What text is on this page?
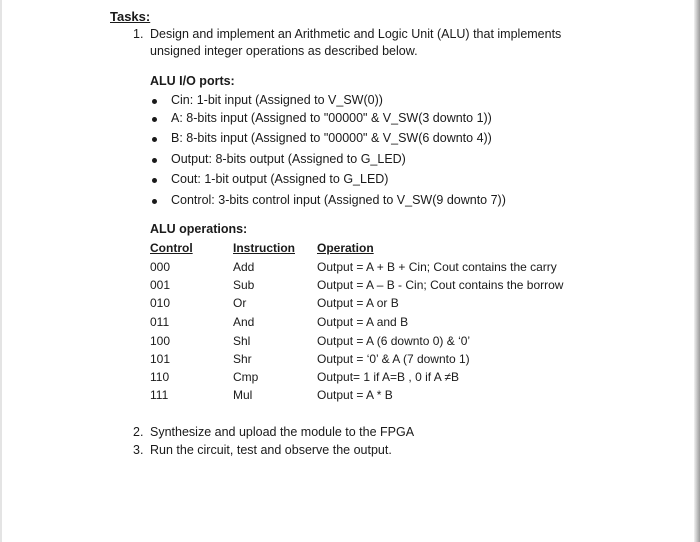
Tasks:
1. Design and implement an Arithmetic and Logic Unit (ALU) that implements
unsigned integer operations as described below.
ALU I/O ports:
Cin: 1-bit input (Assigned to V_SW(0))
A: 8-bits input (Assigned to "00000" & V_SW(3 downto 1))
B: 8-bits input (Assigned to "00000" & V_SW(6 downto 4))
Output: 8-bits output (Assigned to G_LED)
Cout: 1-bit output (Assigned to G_LED)
Control: 3-bits control input (Assigned to V_SW(9 downto 7))
ALU operations:
Control	Instruction Operation
000	Add	Output = A + B + Cin; Cout contains the carry
001	Sub	Output = A – B - Cin; Cout contains the borrow
010	Or	Output = A or B
011	And	Output = A and B
100	Shl	Output = A (6 downto 0) & ‘0’
101	Shr	Output = ‘0’ & A (7 downto 1)
110	Cmp	Output= 1 if A=B , 0 if A ≠B
111	Mul	Output = A * B
2. Synthesize and upload the module to the FPGA
3. Run the circuit, test and observe the output.
